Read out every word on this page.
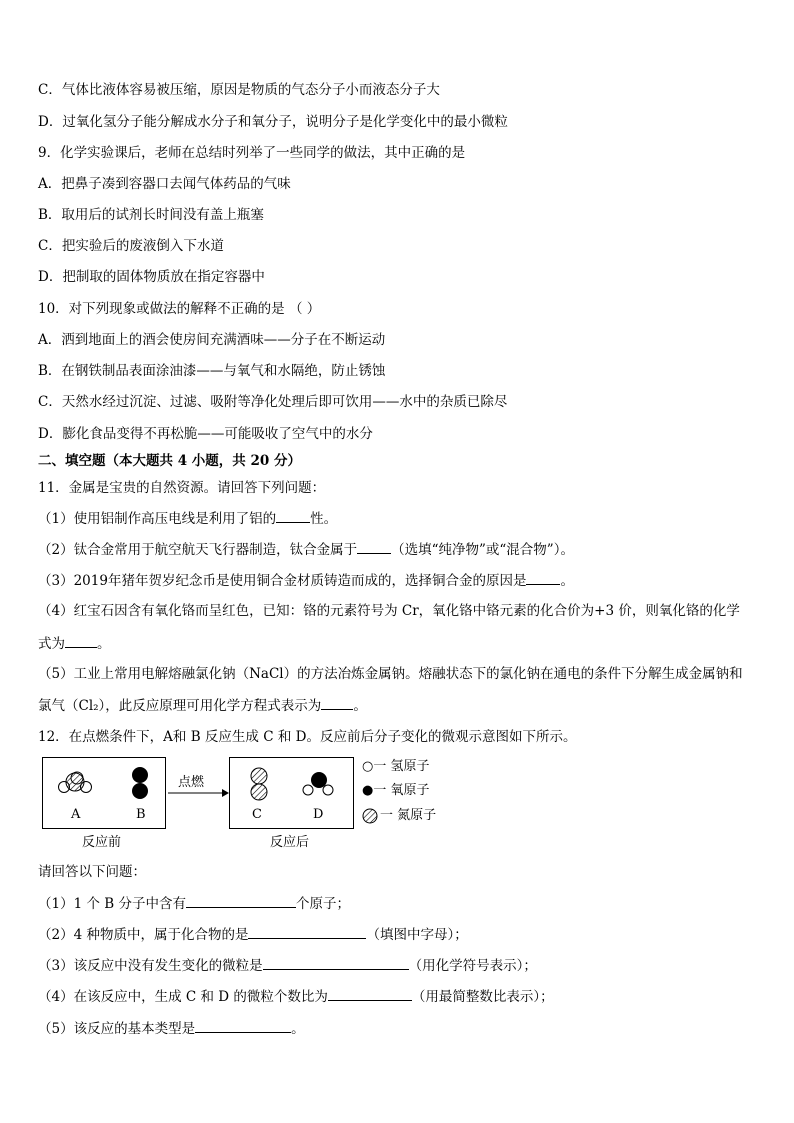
C．气体比液体容易被压缩，原因是物质的气态分子小而液态分子大
D．过氧化氢分子能分解成水分子和氧分子，说明分子是化学变化中的最小微粒
9．化学实验课后，老师在总结时列举了一些同学的做法，其中正确的是
A．把鼻子凑到容器口去闻气体药品的气味
B．取用后的试剂长时间没有盖上瓶塞
C．把实验后的废液倒入下水道
D．把制取的固体物质放在指定容器中
10．对下列现象或做法的解释不正确的是 （ ）
A．洒到地面上的酒会使房间充满酒味——分子在不断运动
B．在钢铁制品表面涂油漆——与氧气和水隔绝，防止锈蚀
C．天然水经过沉淀、过滤、吸附等净化处理后即可饮用——水中的杂质已除尽
D．膨化食品变得不再松脆——可能吸收了空气中的水分
二、填空题（本大题共 4 小题，共 20 分）
11．金属是宝贵的自然资源。请回答下列问题：
（1）使用铝制作高压电线是利用了铝的	性。
（2）钛合金常用于航空航天飞行器制造，钛合金属于	（选填“纯净物”或“混合物”）。
（3）2019年猪年贺岁纪念币是使用铜合金材质铸造而成的，选择铜合金的原因是	。
（4）红宝石因含有氧化铬而呈红色，已知：铬的元素符号为 Cr，氧化铬中铬元素的化合价为+3 价，则氧化铬的化学
式为 。
（5）工业上常用电解熔融氯化钠（NaCl）的方法冶炼金属钠。熔融状态下的氯化钠在通电的条件下分解生成金属钠和
氯气（Cl₂），此反应原理可用化学方程式表示为 。
12．在点燃条件下，A和 B 反应生成 C 和 D。反应前后分子变化的微观示意图如下所示。
A	B
点燃
C	D
○一 氢原子
●一 氧原子
一 氮原子
反应前	反应后
请回答以下问题：
（1）1 个 B 分子中含有	个原子；
（2）4 种物质中，属于化合物的是	（填图中字母）；
（3）该反应中没有发生变化的微粒是	（用化学符号表示）；
（4）在该反应中，生成 C 和 D 的微粒个数比为	（用最简整数比表示）；
（5）该反应的基本类型是	。
